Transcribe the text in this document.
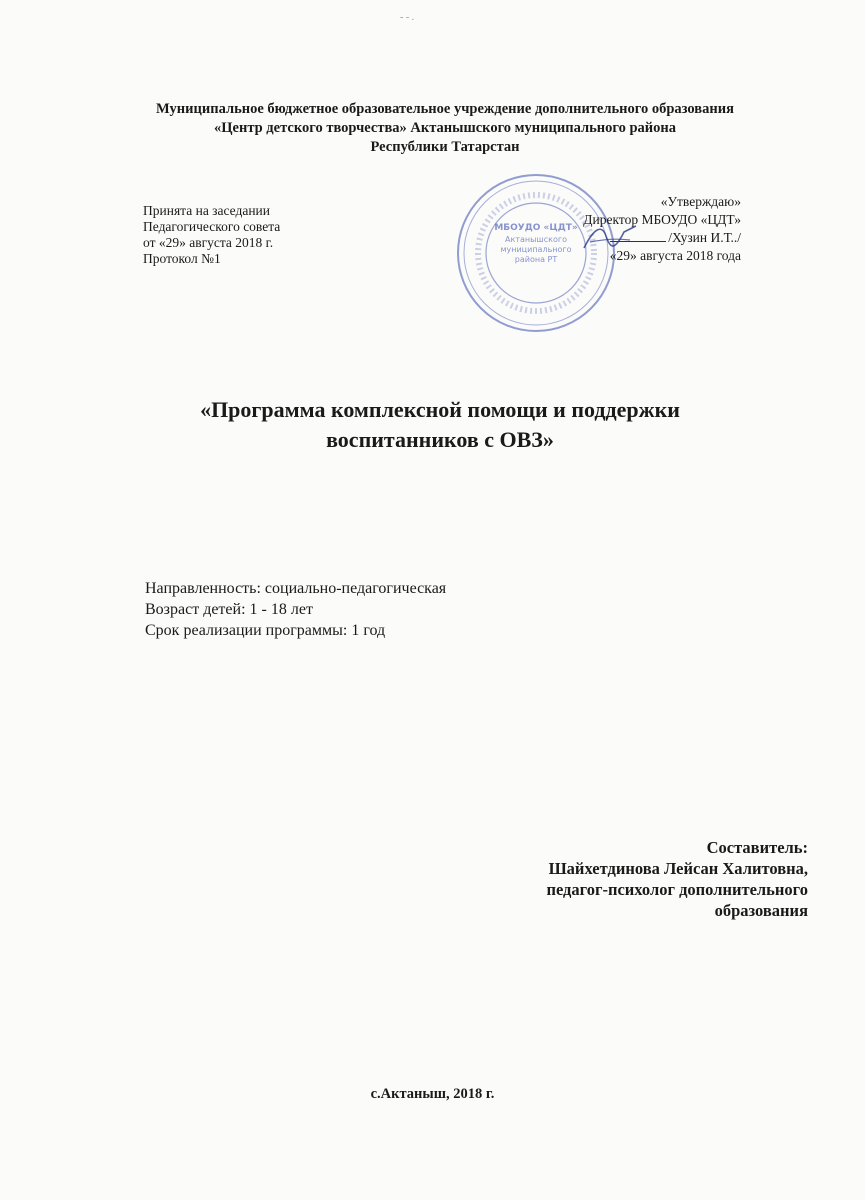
- - .
Муниципальное бюджетное образовательное учреждение дополнительного образования
«Центр детского творчества» Актанышского муниципального района
Республики Татарстан
МБОУДО «ЦДТ»
Актанышского
муниципального
района РТ
Принята на заседании
Педагогического совета
от «29» августа 2018 г.
Протокол №1
«Утверждаю»
Директор МБОУДО «ЦДТ»
/Хузин И.Т../
«29» августа 2018 года
«Программа комплексной помощи и поддержки
воспитанников с ОВЗ»
Направленность: социально-педагогическая
Возраст детей: 1 - 18 лет
Срок реализации программы: 1 год
Составитель:
Шайхетдинова Лейсан Халитовна,
педагог-психолог дополнительного
образования
с.Актаныш, 2018 г.
